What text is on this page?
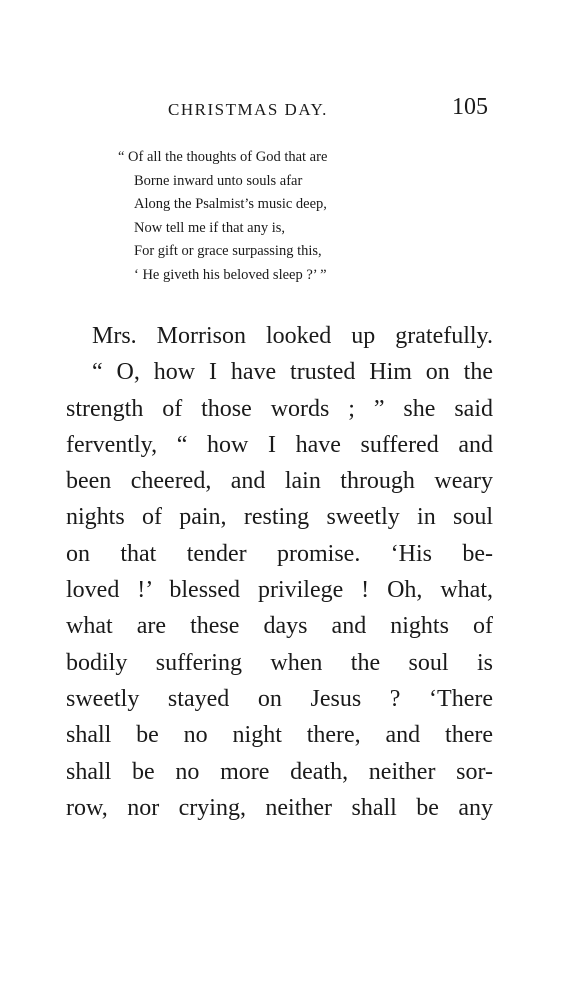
CHRISTMAS DAY.	105
“ Of all the thoughts of God that are
Borne inward unto souls afar
Along the Psalmist’s music deep,
Now tell me if that any is,
For gift or grace surpassing this,
‘ He giveth his beloved sleep ?’ ”
Mrs. Morrison looked up gratefully.
“ O, how I have trusted Him on the
strength of those words ; ” she said
fervently, “ how I have suffered and
been cheered, and lain through weary
nights of pain, resting sweetly in soul
on that tender promise. ‘His be-
loved !’ blessed privilege ! Oh, what,
what are these days and nights of
bodily suffering when the soul is
sweetly stayed on Jesus ? ‘There
shall be no night there, and there
shall be no more death, neither sor-
row, nor crying, neither shall be any
